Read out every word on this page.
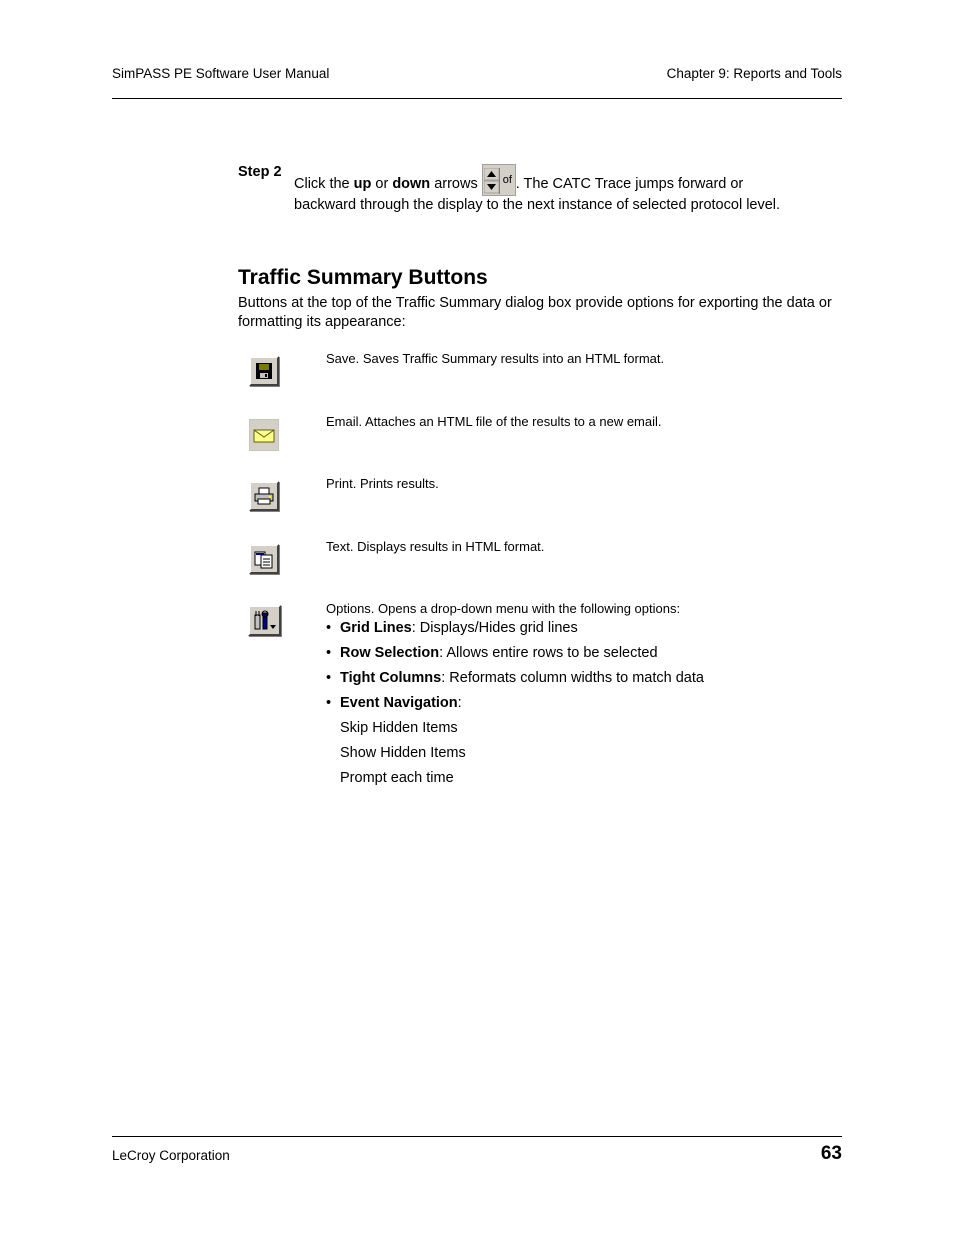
SimPASS PE Software User Manual	Chapter 9: Reports and Tools
Step 2
Click the up or down arrows of . The CATC Trace jumps forward or backward through the display to the next instance of selected protocol level.
Traffic Summary Buttons
Buttons at the top of the Traffic Summary dialog box provide options for exporting the data or formatting its appearance:
Save. Saves Traffic Summary results into an HTML format.
Email. Attaches an HTML file of the results to a new email.
Print. Prints results.
Text. Displays results in HTML format.
Options. Opens a drop-down menu with the following options:
• Grid Lines: Displays/Hides grid lines
• Row Selection: Allows entire rows to be selected
• Tight Columns: Reformats column widths to match data
• Event Navigation:
Skip Hidden Items
Show Hidden Items
Prompt each time
LeCroy Corporation	63
